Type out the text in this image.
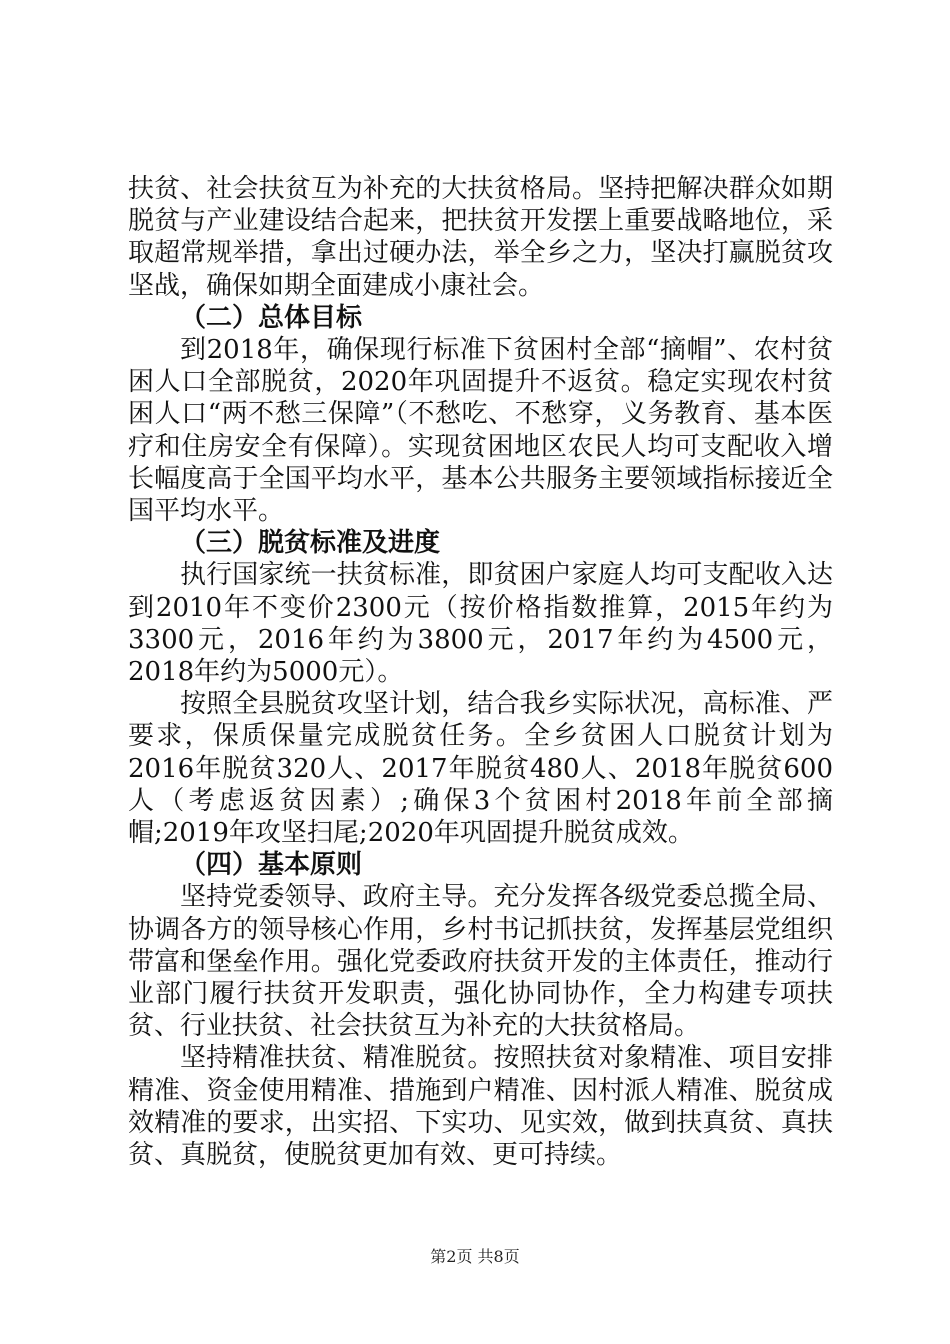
扶贫、社会扶贫互为补充的大扶贫格局。坚持把解决群众如期脱贫与产业建设结合起来，把扶贫开发摆上重要战略地位，采取超常规举措，拿出过硬办法，举全乡之力，坚决打赢脱贫攻坚战，确保如期全面建成小康社会。

（二）总体目标

到2018年，确保现行标准下贫困村全部“摘帽”、农村贫困人口全部脱贫，2020年巩固提升不返贫。稳定实现农村贫困人口“两不愁三保障”（不愁吃、不愁穿，义务教育、基本医疗和住房安全有保障）。实现贫困地区农民人均可支配收入增长幅度高于全国平均水平，基本公共服务主要领域指标接近全国平均水平。

（三）脱贫标准及进度

执行国家统一扶贫标准，即贫困户家庭人均可支配收入达到2010年不变价2300元（按价格指数推算，2015年约为3300元，2016年约为3800元，2017年约为4500元，2018年约为5000元）。

按照全县脱贫攻坚计划，结合我乡实际状况，高标准、严要求，保质保量完成脱贫任务。全乡贫困人口脱贫计划为2016年脱贫320人、2017年脱贫480人、2018年脱贫600人（考虑返贫因素）;确保3个贫困村2018年前全部摘帽;2019年攻坚扫尾;2020年巩固提升脱贫成效。

（四）基本原则

坚持党委领导、政府主导。充分发挥各级党委总揽全局、协调各方的领导核心作用，乡村书记抓扶贫，发挥基层党组织带富和堡垒作用。强化党委政府扶贫开发的主体责任，推动行业部门履行扶贫开发职责，强化协同协作，全力构建专项扶贫、行业扶贫、社会扶贫互为补充的大扶贫格局。

坚持精准扶贫、精准脱贫。按照扶贫对象精准、项目安排精准、资金使用精准、措施到户精准、因村派人精准、脱贫成效精准的要求，出实招、下实功、见实效，做到扶真贫、真扶贫、真脱贫，使脱贫更加有效、更可持续。

第2页 共8页
